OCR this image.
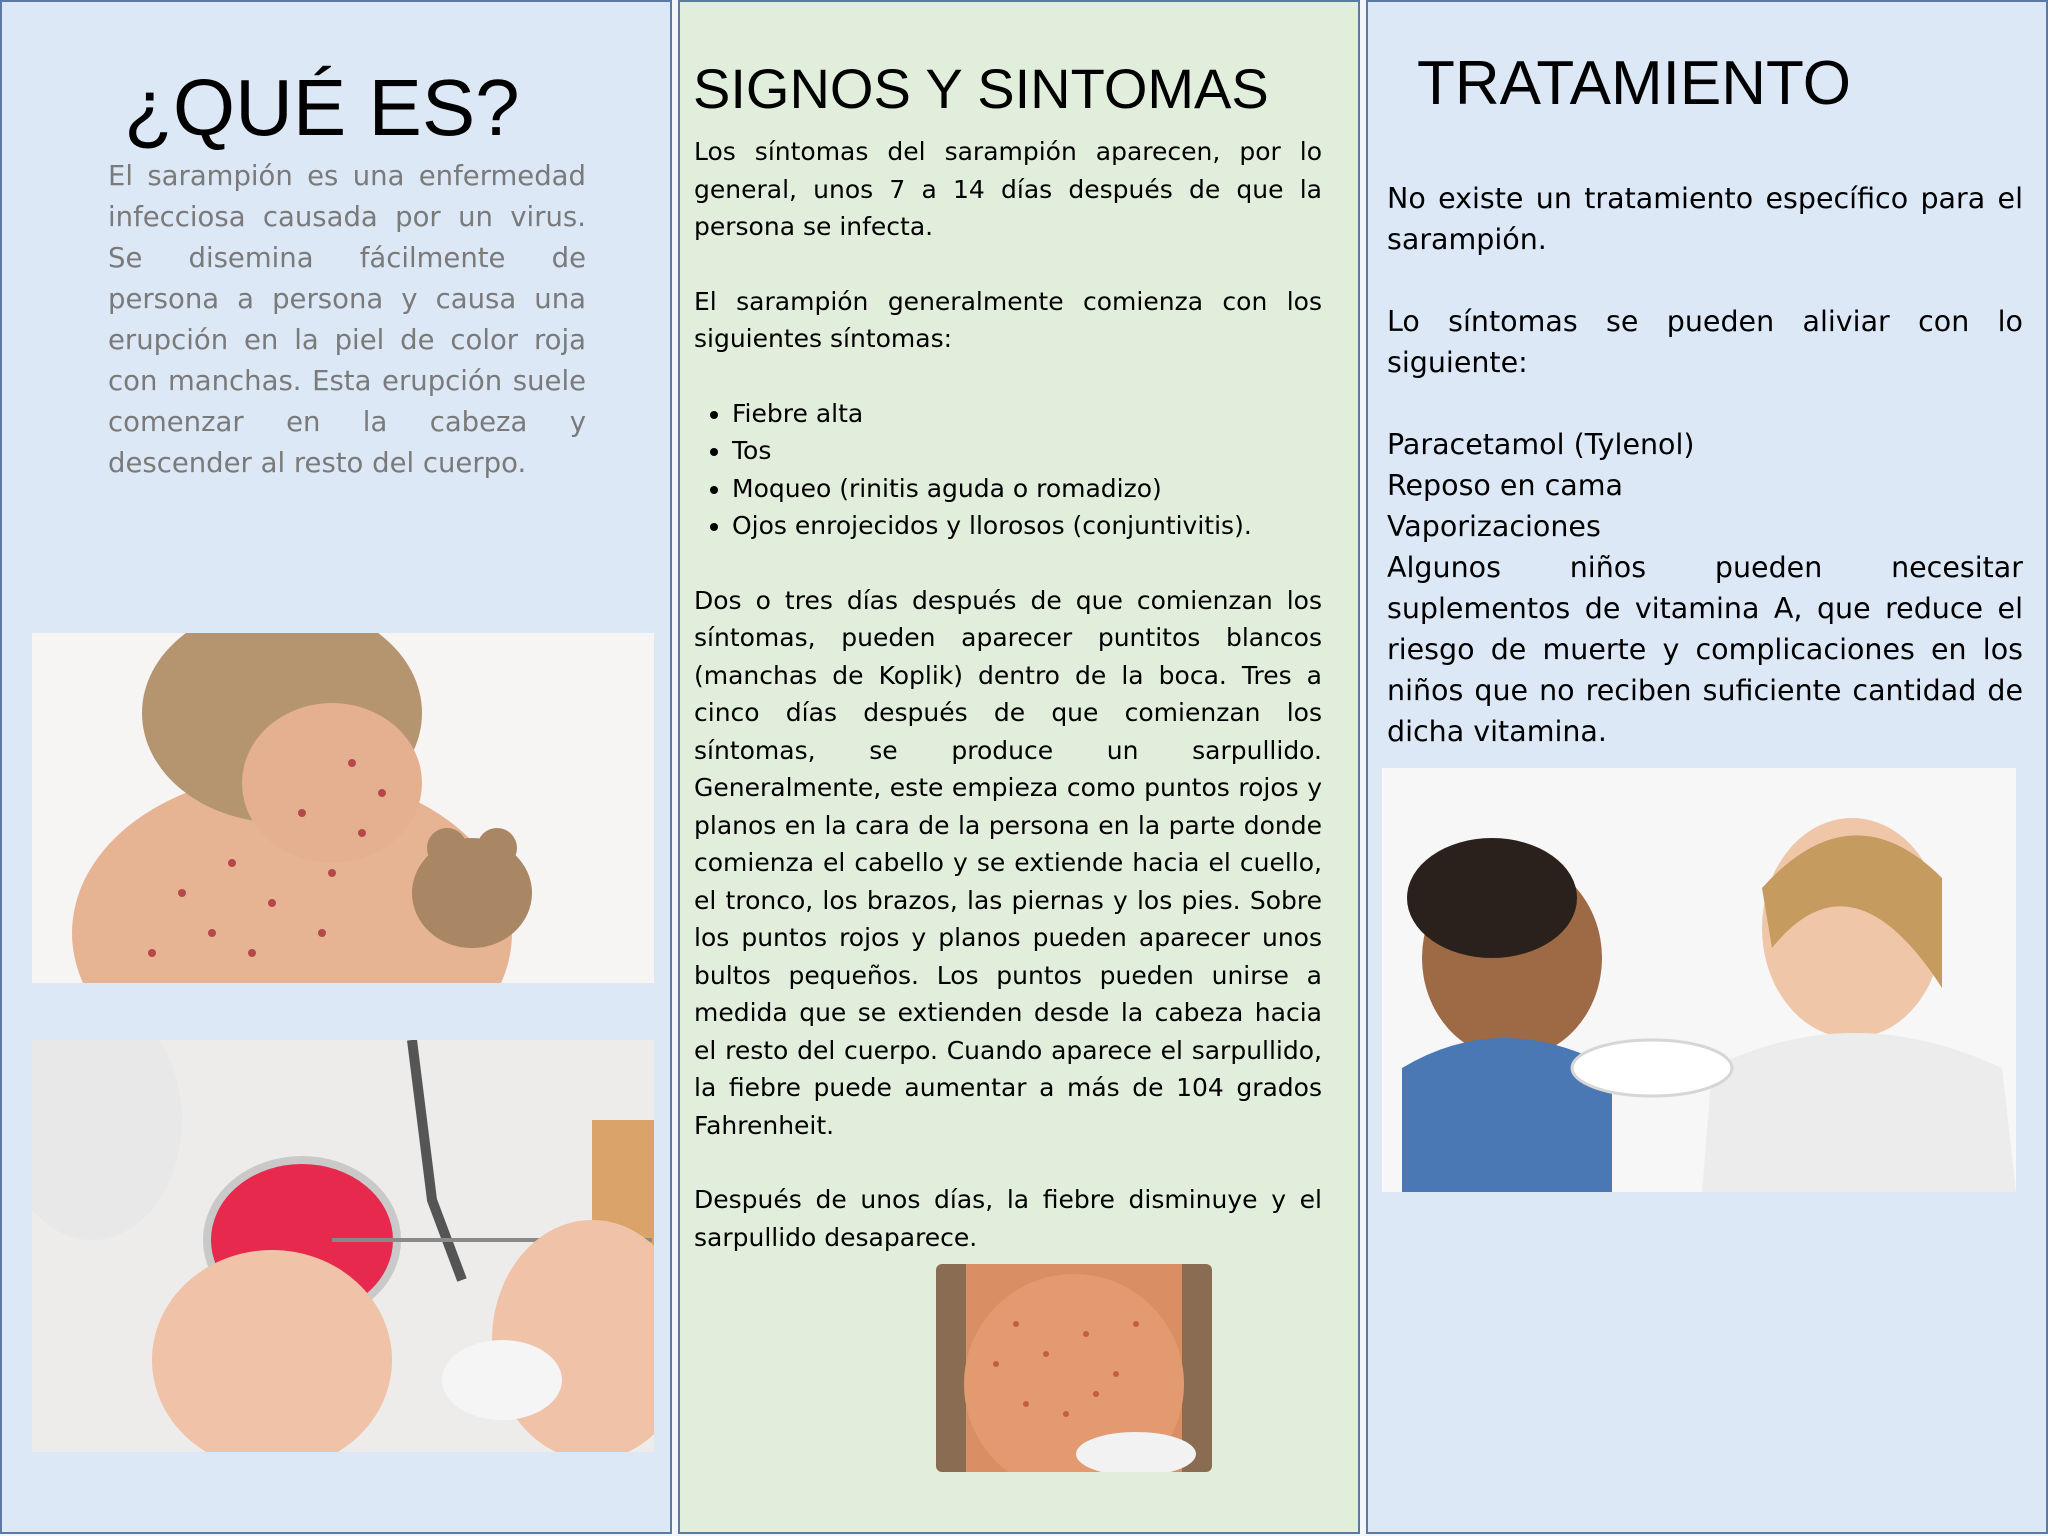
¿QUÉ ES?
El sarampión es una enfermedad infecciosa causada por un virus. Se disemina fácilmente de persona a persona y causa una erupción en la piel de color roja con manchas. Esta erupción suele comenzar en la cabeza y descender al resto del cuerpo.
SIGNOS Y SINTOMAS

Los síntomas del sarampión aparecen, por lo general, unos 7 a 14 días después de que la persona se infecta.

El sarampión generalmente comienza con los siguientes síntomas:

• Fiebre alta
• Tos
• Moqueo (rinitis aguda o romadizo)
• Ojos enrojecidos y llorosos (conjuntivitis).

Dos o tres días después de que comienzan los síntomas, pueden aparecer puntitos blancos (manchas de Koplik) dentro de la boca. Tres a cinco días después de que comienzan los síntomas, se produce un sarpullido. Generalmente, este empieza como puntos rojos y planos en la cara de la persona en la parte donde comienza el cabello y se extiende hacia el cuello, el tronco, los brazos, las piernas y los pies. Sobre los puntos rojos y planos pueden aparecer unos bultos pequeños. Los puntos pueden unirse a medida que se extienden desde la cabeza hacia el resto del cuerpo. Cuando aparece el sarpullido, la fiebre puede aumentar a más de 104 grados Fahrenheit.

Después de unos días, la fiebre disminuye y el sarpullido desaparece.

TRATAMIENTO

No existe un tratamiento específico para el sarampión.

Lo síntomas se pueden aliviar con lo siguiente:

Paracetamol (Tylenol)

Reposo en cama

Vaporizaciones

Algunos niños pueden necesitar suplementos de vitamina A, que reduce el riesgo de muerte y complicaciones en los niños que no reciben suficiente cantidad de dicha vitamina.
